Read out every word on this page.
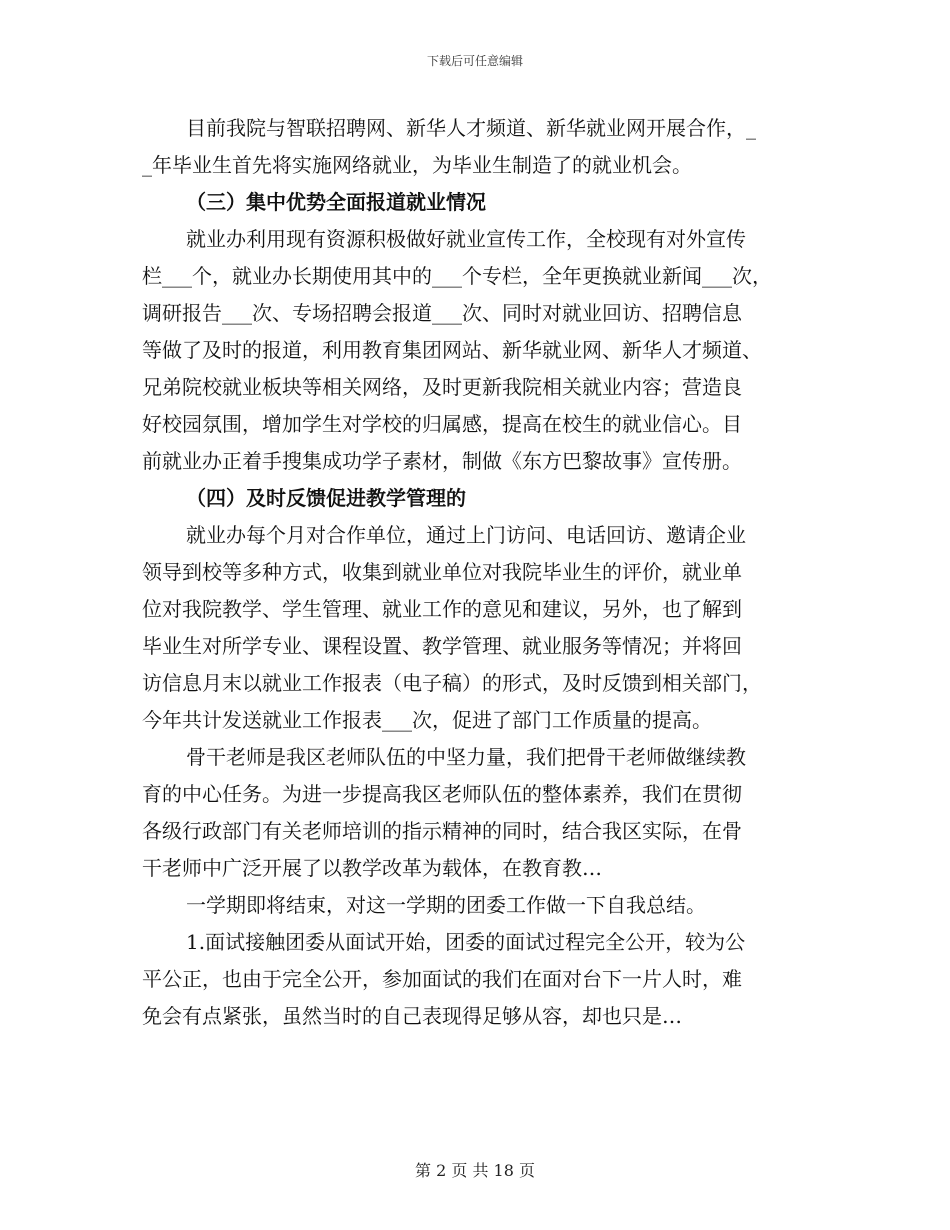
下载后可任意编辑
目前我院与智联招聘网、新华人才频道、新华就业网开展合作，_
_年毕业生首先将实施网络就业，为毕业生制造了的就业机会。
（三）集中优势全面报道就业情况
就业办利用现有资源积极做好就业宣传工作，全校现有对外宣传
栏___个，就业办长期使用其中的___个专栏，全年更换就业新闻___次，
调研报告___次、专场招聘会报道___次、同时对就业回访、招聘信息
等做了及时的报道，利用教育集团网站、新华就业网、新华人才频道、
兄弟院校就业板块等相关网络，及时更新我院相关就业内容；营造良
好校园氛围，增加学生对学校的归属感，提高在校生的就业信心。目
前就业办正着手搜集成功学子素材，制做《东方巴黎故事》宣传册。
（四）及时反馈促进教学管理的
就业办每个月对合作单位，通过上门访问、电话回访、邀请企业
领导到校等多种方式，收集到就业单位对我院毕业生的评价，就业单
位对我院教学、学生管理、就业工作的意见和建议，另外，也了解到
毕业生对所学专业、课程设置、教学管理、就业服务等情况；并将回
访信息月末以就业工作报表（电子稿）的形式，及时反馈到相关部门，
今年共计发送就业工作报表___次，促进了部门工作质量的提高。
骨干老师是我区老师队伍的中坚力量，我们把骨干老师做继续教
育的中心任务。为进一步提高我区老师队伍的整体素养，我们在贯彻
各级行政部门有关老师培训的指示精神的同时，结合我区实际，在骨
干老师中广泛开展了以教学改革为载体，在教育教…
一学期即将结束，对这一学期的团委工作做一下自我总结。
1.面试接触团委从面试开始，团委的面试过程完全公开，较为公
平公正，也由于完全公开，参加面试的我们在面对台下一片人时，难
免会有点紧张，虽然当时的自己表现得足够从容，却也只是…
第 2 页 共 18 页
